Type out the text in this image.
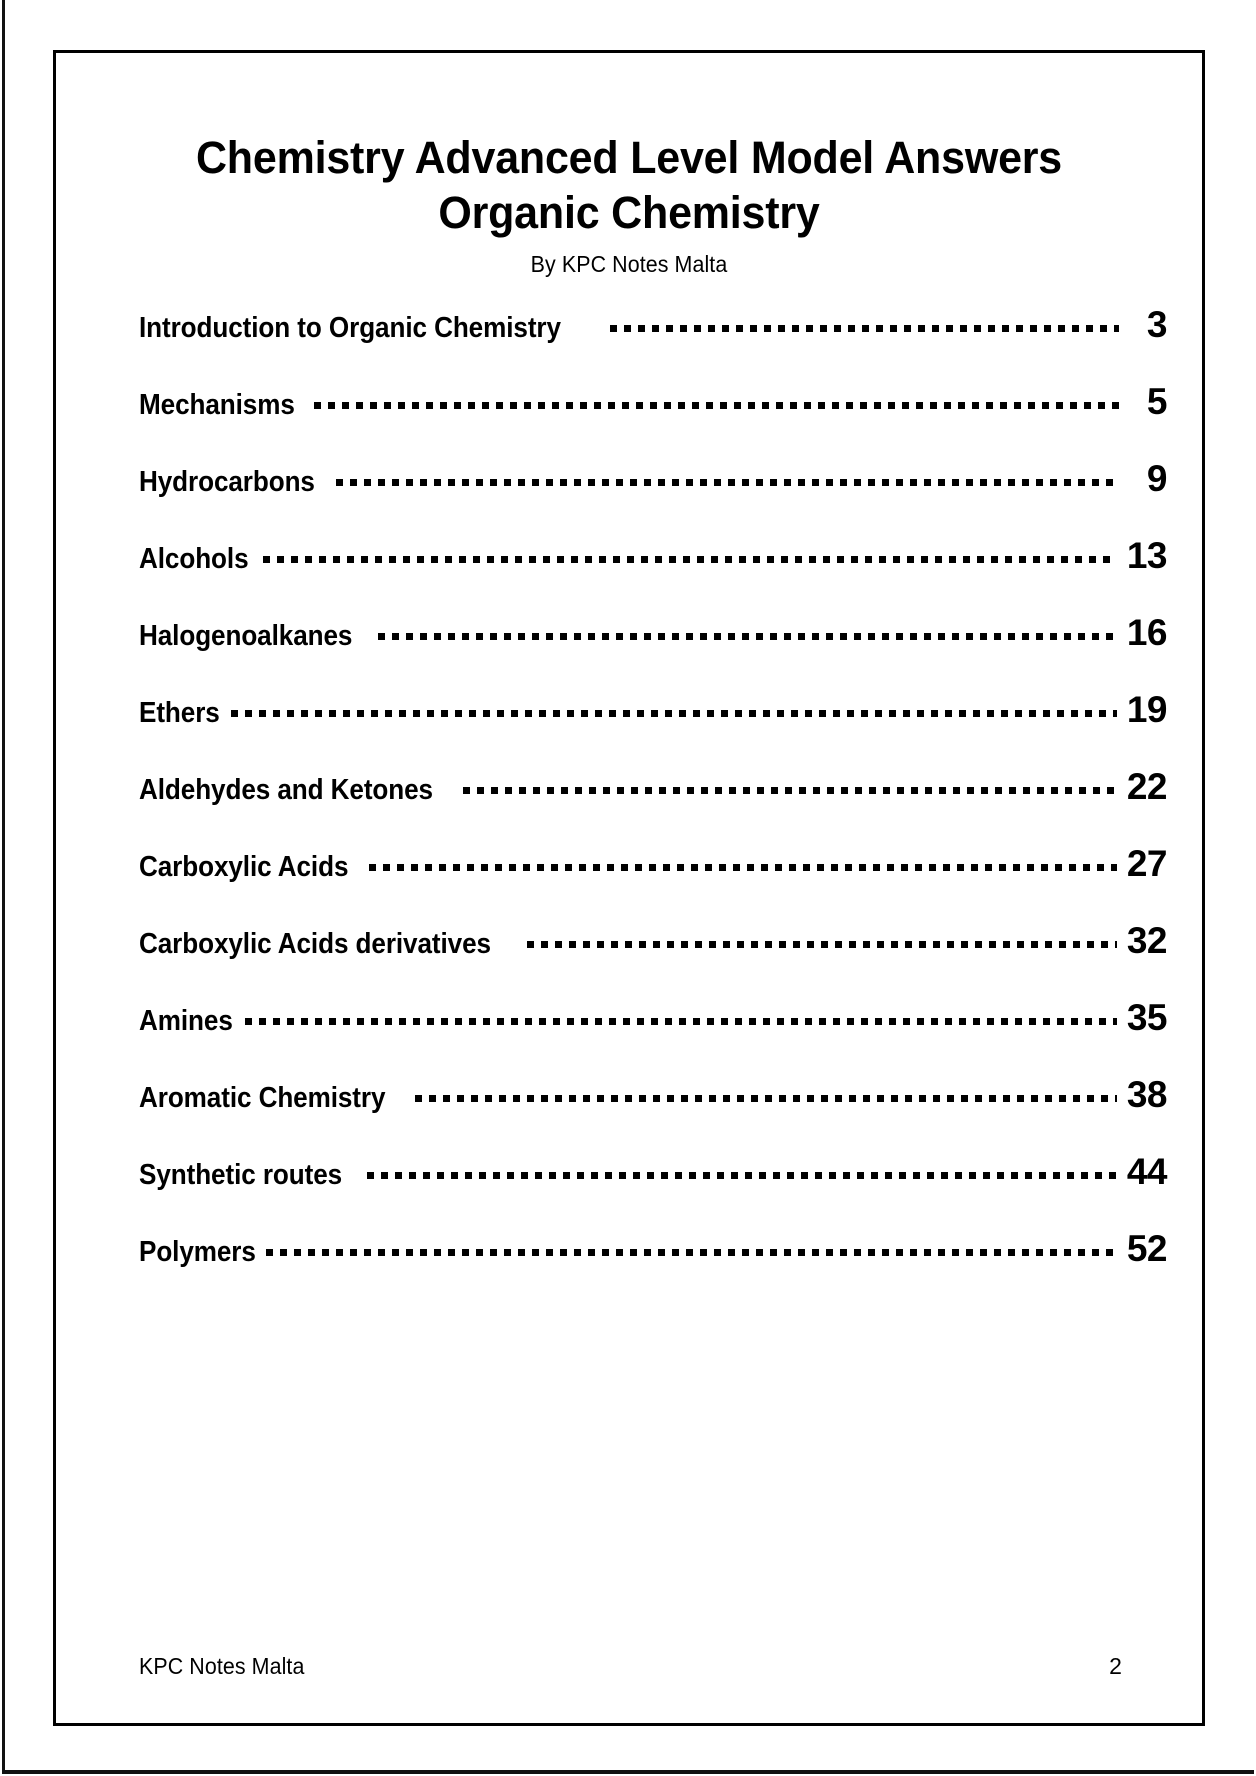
Chemistry Advanced Level Model Answers
Organic Chemistry
By KPC Notes Malta
Introduction to Organic Chemistry	3
Mechanisms	5
Hydrocarbons	9
Alcohols	13
Halogenoalkanes	16
Ethers	19
Aldehydes and Ketones	22
Carboxylic Acids	27
Carboxylic Acids derivatives	32
Amines	35
Aromatic Chemistry	38
Synthetic routes	44
Polymers	52
KPC Notes Malta	2
